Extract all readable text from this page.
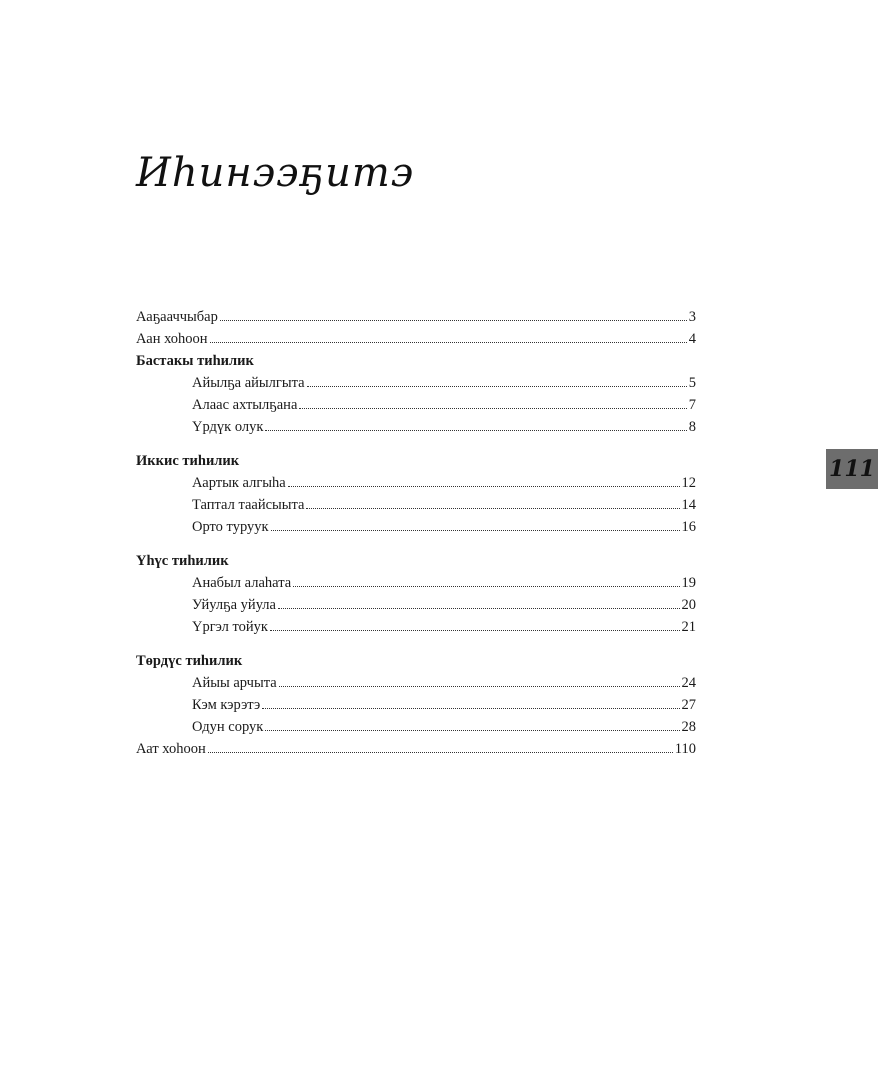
Иһинээҕитэ
Ааҕааччыбар	3
Аан хоһоон	4
Бастакы тиһилик
Айылҕа айылгыта	5
Алаас ахтылҕана	7
Үрдүк олук	8
Иккис тиһилик
Аартык алгыһа	12
Таптал таайсыыта	14
Орто туруук	16
Үһүс тиһилик
Анабыл алаһата	19
Уйулҕа уйула	20
Үргэл тойук	21
Төрдүс тиһилик
Айыы арчыта	24
Кэм кэрэтэ	27
Одун сорук	28
Аат хоһоон	110
111
